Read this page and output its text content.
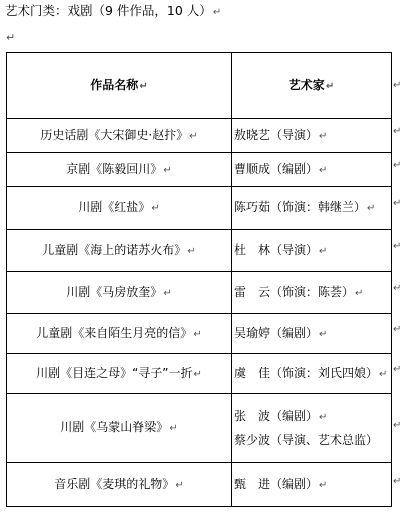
艺术门类：戏剧（9 件作品，10 人）↵
↵
作品名称↵	艺术家↵
历史话剧《大宋御史·赵抃》↵	敖晓艺（导演）↵
京剧《陈毅回川》↵	曹顺成（编剧）↵
川剧《红盐》↵	陈巧茹（饰演：韩继兰）↵
儿童剧《海上的诺苏火布》↵	杜　林（导演）↵
川剧《马房放奎》↵	雷　云（饰演：陈荟）↵
儿童剧《来自陌生月亮的信》↵	吴瑜婷（编剧）↵
川剧《目连之母》“寻子”一折↵	虞　佳（饰演：刘氏四娘）↵
川剧《乌蒙山脊梁》↵	张　波（编剧）↵
蔡少波（导演、艺术总监）

音乐剧《麦琪的礼物》↵	甄　进（编剧）↵
↵
↵
↵
↵
↵
↵
↵
↵
↵
↵
